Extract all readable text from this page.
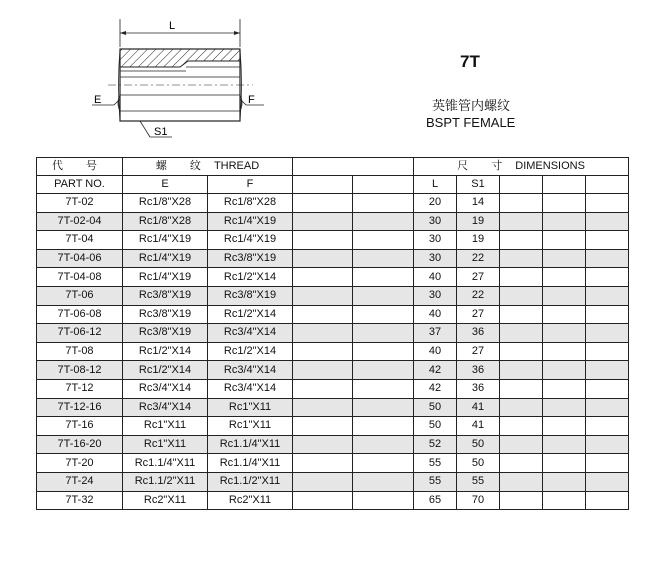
L
E	F
S1
7T
英锥管内螺纹
BSPT FEMALE
代 号	螺 纹 THREAD				尺 寸 DIMENSIONS				
PART NO.	E	F			L	S1			
7T-02	Rc1/8"X28	Rc1/8"X28			20	14			
7T-02-04	Rc1/8"X28	Rc1/4"X19			30	19			
7T-04	Rc1/4"X19	Rc1/4"X19			30	19			
7T-04-06	Rc1/4"X19	Rc3/8"X19			30	22			
7T-04-08	Rc1/4"X19	Rc1/2"X14			40	27			
7T-06	Rc3/8"X19	Rc3/8"X19			30	22			
7T-06-08	Rc3/8"X19	Rc1/2"X14			40	27			
7T-06-12	Rc3/8"X19	Rc3/4"X14			37	36			
7T-08	Rc1/2"X14	Rc1/2"X14			40	27			
7T-08-12	Rc1/2"X14	Rc3/4"X14			42	36			
7T-12	Rc3/4"X14	Rc3/4"X14			42	36			
7T-12-16	Rc3/4"X14	Rc1"X11			50	41			
7T-16	Rc1"X11	Rc1"X11			50	41			
7T-16-20	Rc1"X11	Rc1.1/4"X11			52	50			
7T-20	Rc1.1/4"X11	Rc1.1/4"X11			55	50			
7T-24	Rc1.1/2"X11	Rc1.1/2"X11			55	55			
7T-32	Rc2"X11	Rc2"X11			65	70			
